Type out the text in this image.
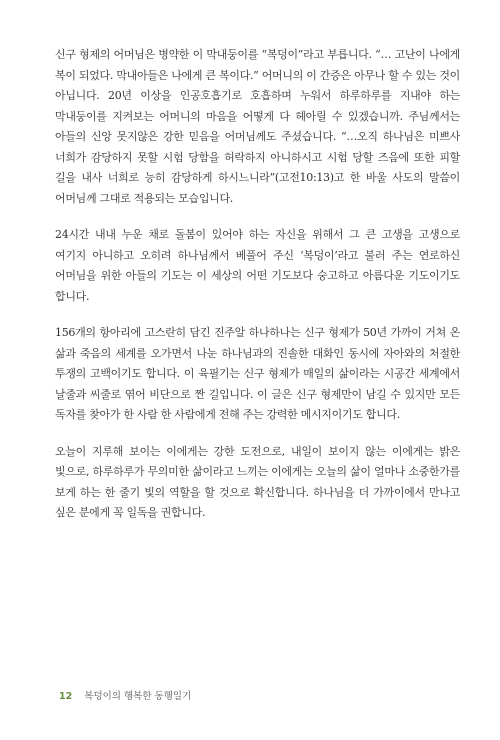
신구 형제의 어머님은 병약한 이 막내둥이를 “복덩이”라고 부릅니다. “… 고난이 나에게 복이 되었다. 막내아들은 나에게 큰 복이다.” 어머니의 이 간증은 아무나 할 수 있는 것이 아닙니다. 20년 이상을 인공호흡기로 호흡하며 누워서 하루하루를 지내야 하는 막내둥이를 지켜보는 어머니의 마음을 어떻게 다 헤아릴 수 있겠습니까. 주님께서는 아들의 신앙 못지않은 강한 믿음을 어머님께도 주셨습니다. “…오직 하나님은 미쁘사 너희가 감당하지 못할 시험 당함을 허락하지 아니하시고 시험 당할 즈음에 또한 피할 길을 내사 너희로 능히 감당하게 하시느니라”(고전10:13)고 한 바울 사도의 말씀이 어머님께 그대로 적용되는 모습입니다.

24시간 내내 누운 채로 돌봄이 있어야 하는 자신을 위해서 그 큰 고생을 고생으로 여기지 아니하고 오히려 하나님께서 베풀어 주신 ‘복덩이’라고 불러 주는 연로하신 어머님을 위한 아들의 기도는 이 세상의 어떤 기도보다 숭고하고 아름다운 기도이기도 합니다.

156개의 항아리에 고스란히 담긴 진주알 하나하나는 신구 형제가 50년 가까이 거쳐 온 삶과 죽음의 세계를 오가면서 나눈 하나님과의 진솔한 대화인 동시에 자아와의 처절한 투쟁의 고백이기도 합니다. 이 육필기는 신구 형제가 매일의 삶이라는 시공간 세계에서 날줄과 씨줄로 엮어 비단으로 짠 길입니다. 이 글은 신구 형제만이 남길 수 있지만 모든 독자를 찾아가 한 사람 한 사람에게 전해 주는 강력한 메시지이기도 합니다.

오늘이 지루해 보이는 이에게는 강한 도전으로, 내일이 보이지 않는 이에게는 밝은 빛으로, 하루하루가 무의미한 삶이라고 느끼는 이에게는 오늘의 삶이 얼마나 소중한가를 보게 하는 한 줄기 빛의 역할을 할 것으로 확신합니다. 하나님을 더 가까이에서 만나고 싶은 분에게 꼭 일독을 권합니다.

12 복덩이의 행복한 동행일기
